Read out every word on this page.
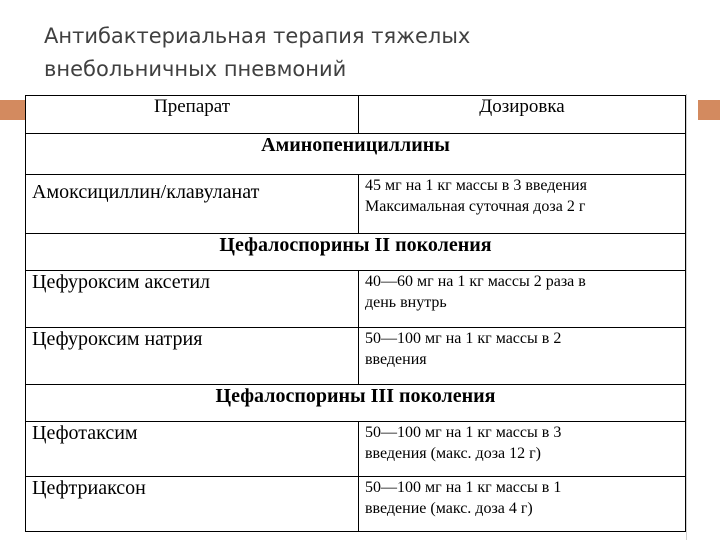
Антибактериальная терапия тяжелых
внебольничных пневмоний
Препарат	Дозировка
Аминопенициллины	
Амоксициллин/клавуланат	45 мг на 1 кг массы в 3 введения
Максимальная суточная доза 2 г
Цефалоспорины II поколения	
Цефуроксим аксетил	40—60 мг на 1 кг массы 2 раза в
день внутрь
Цефуроксим натрия	50—100 мг на 1 кг массы в 2
введения
Цефалоспорины III поколения	
Цефотаксим	50—100 мг на 1 кг массы в 3
введения (макс. доза 12 г)
Цефтриаксон	50—100 мг на 1 кг массы в 1
введение (макс. доза 4 г)
